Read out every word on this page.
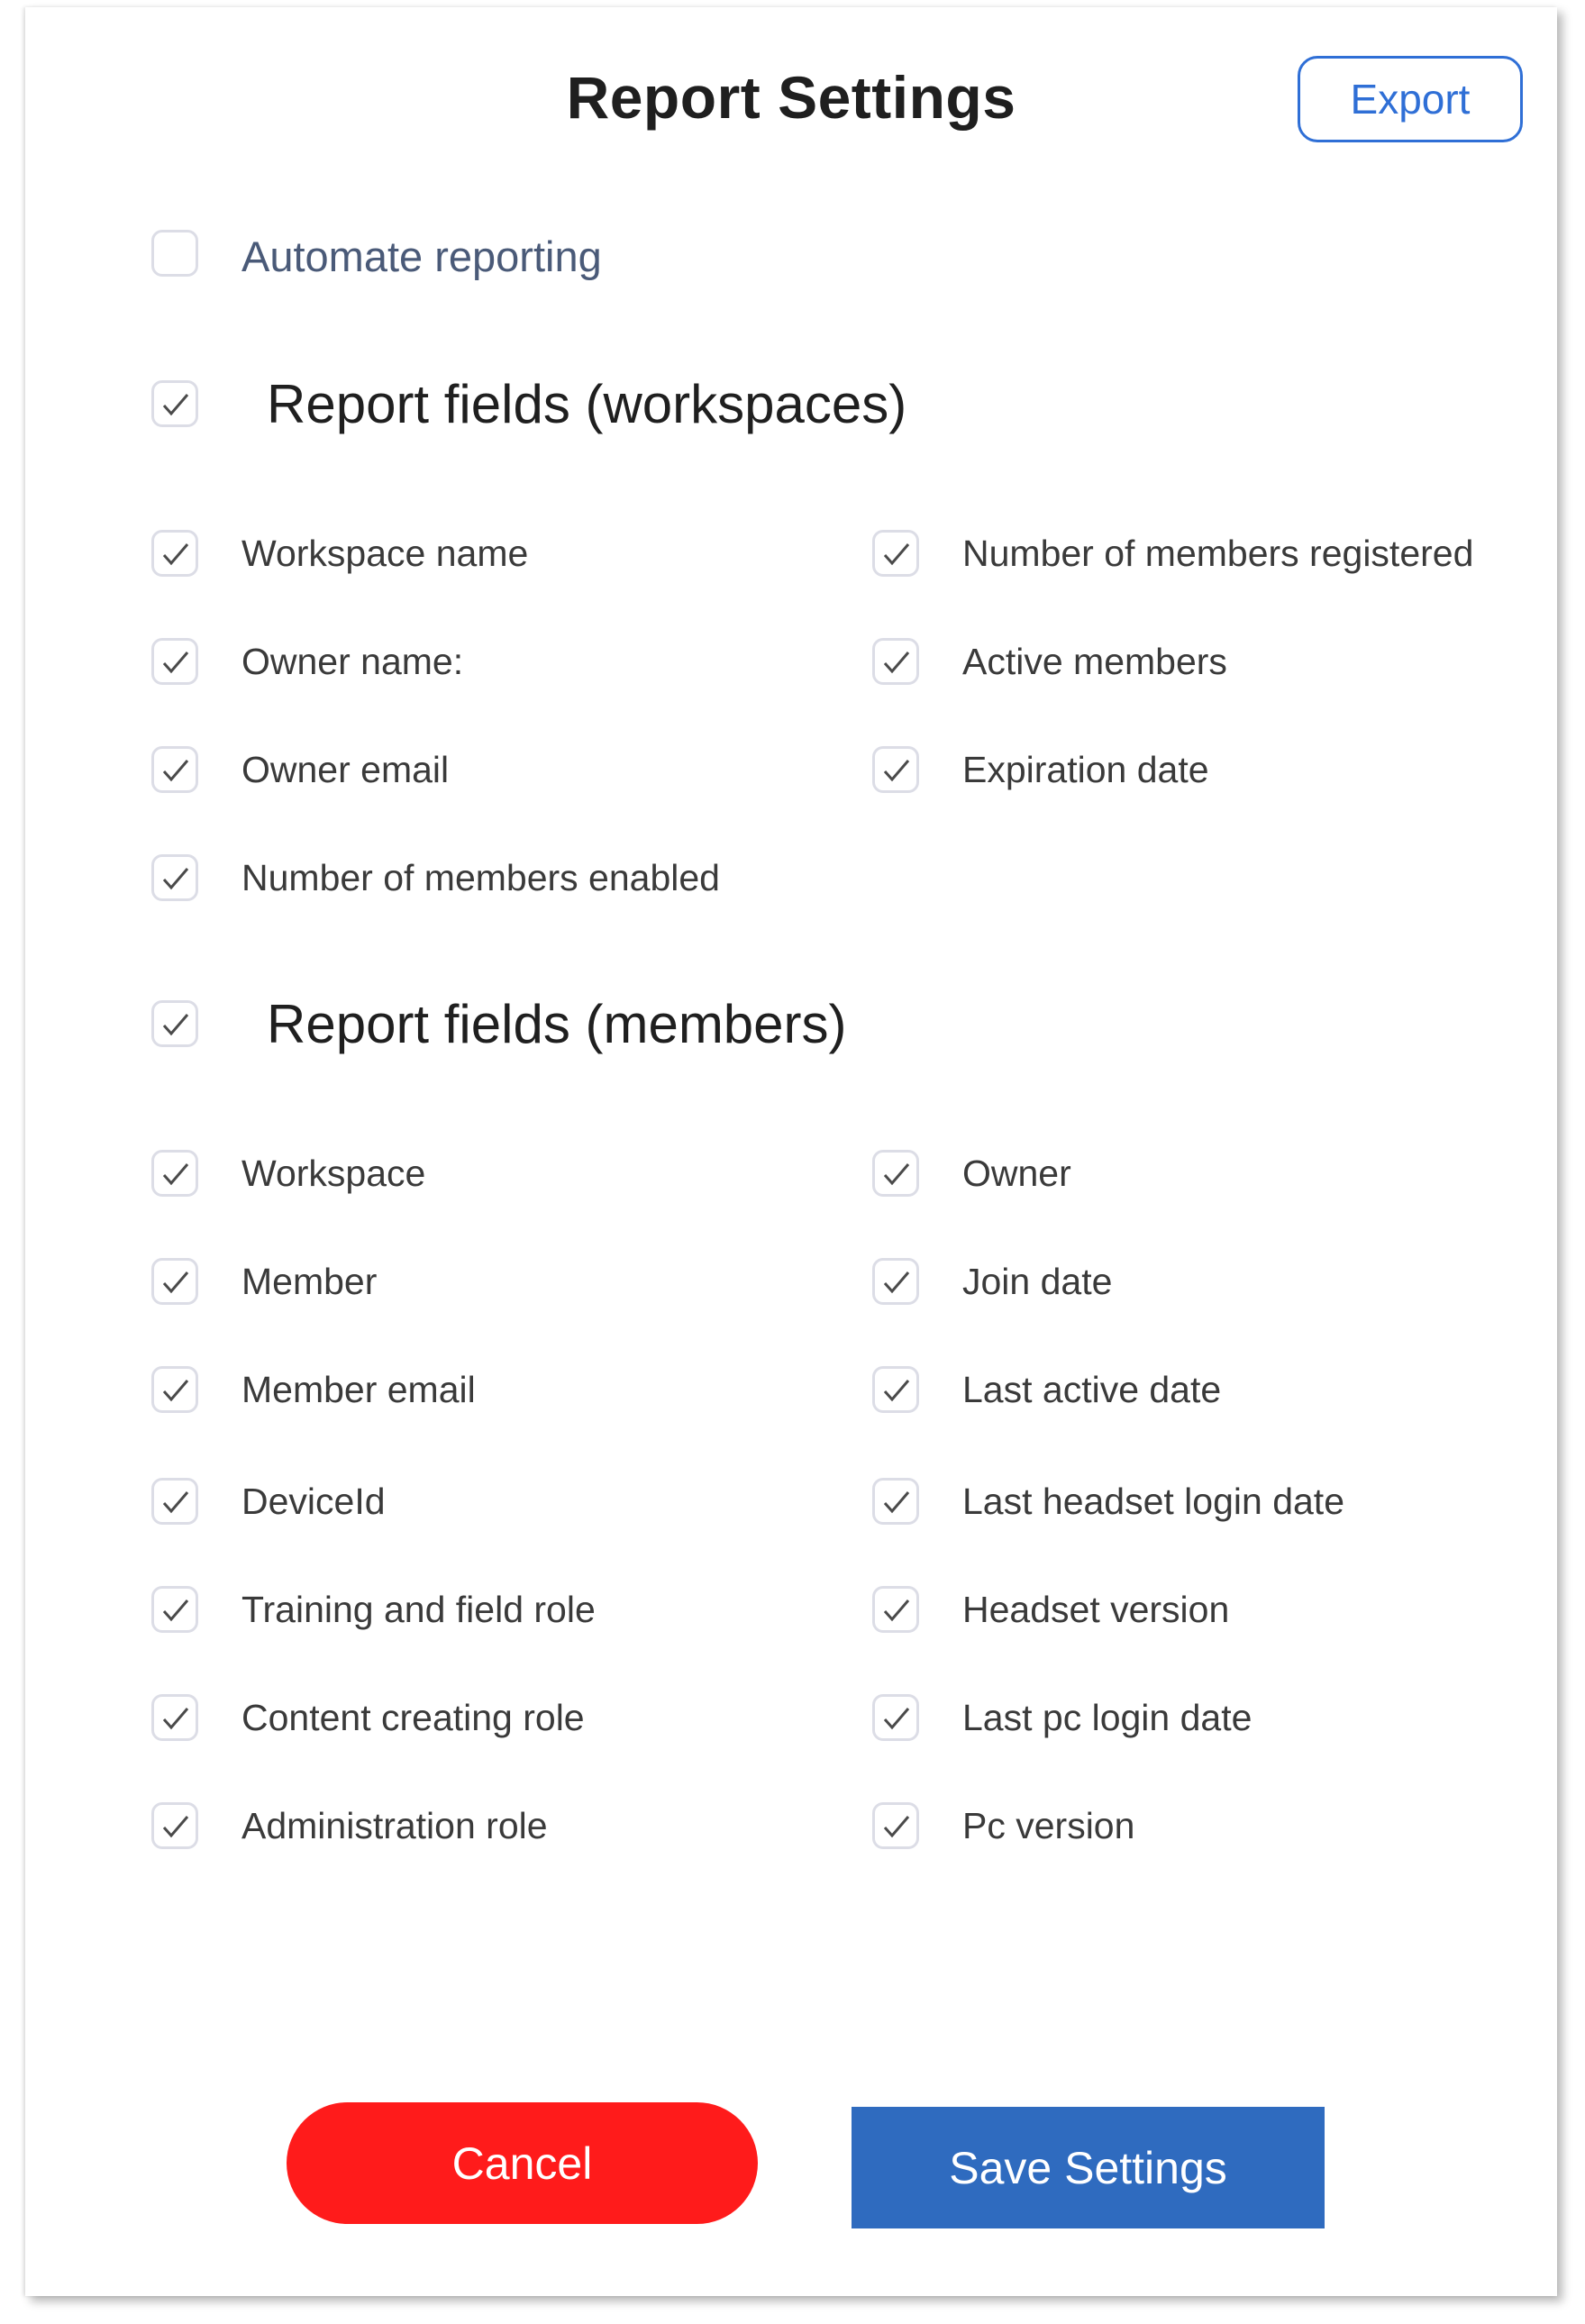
Report Settings	Export
Automate reporting
Report fields (workspaces)
Workspace name	Number of members registered
Owner name:	Active members
Owner email	Expiration date
Number of members enabled
Report fields (members)
Workspace	Owner
Member	Join date
Member email	Last active date
DeviceId	Last headset login date
Training and field role	Headset version
Content creating role	Last pc login date
Administration role	Pc version
Cancel	Save Settings
